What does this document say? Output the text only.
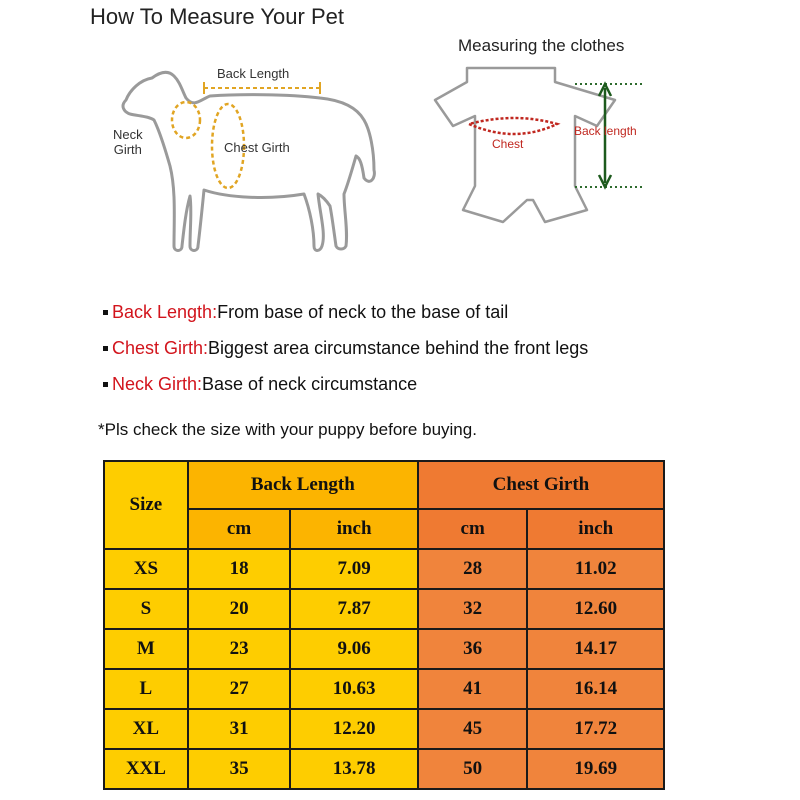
How To Measure Your Pet
Back Length
Neck
Girth	Chest Girth
Measuring the clothes
Chest
Back length
Back Length:From base of neck to the base of tail
Chest Girth:Biggest area circumstance behind the front legs
Neck Girth:Base of neck circumstance
*Pls check the size with your puppy before buying.
Size	Back Length		Chest Girth	
	cm	inch	cm	inch
XS	18	7.09	28	11.02
S	20	7.87	32	12.60
M	23	9.06	36	14.17
L	27	10.63	41	16.14
XL	31	12.20	45	17.72
XXL	35	13.78	50	19.69
